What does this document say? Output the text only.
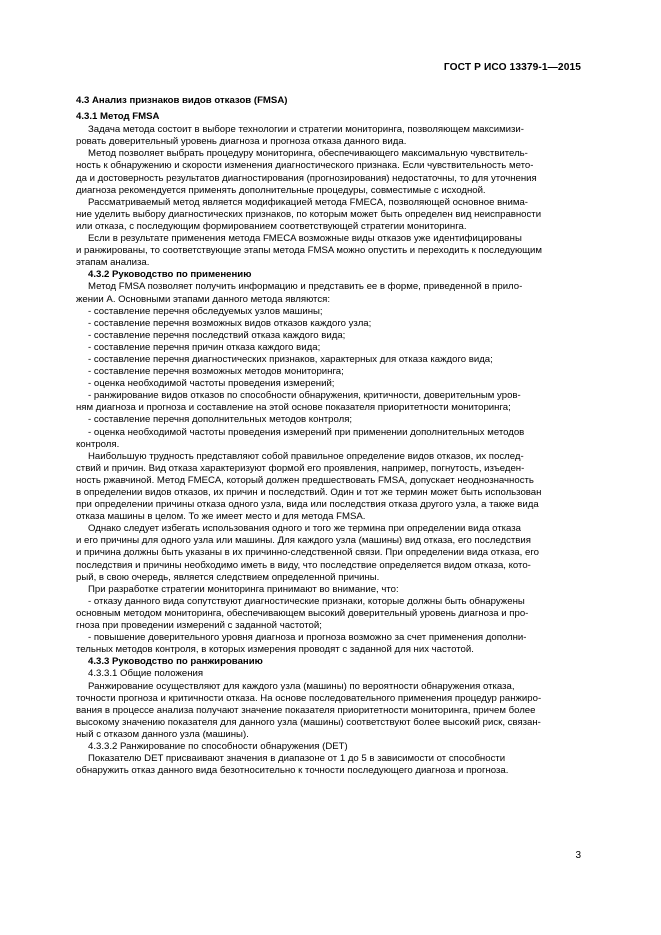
ГОСТ Р ИСО 13379-1—2015
4.3 Анализ признаков видов отказов (FMSA)
4.3.1 Метод FMSA
Задача метода состоит в выборе технологии и стратегии мониторинга, позволяющем максимизи-
ровать доверительный уровень диагноза и прогноза отказа данного вида.
Метод позволяет выбрать процедуру мониторинга, обеспечивающего максимальную чувствитель-
ность к обнаружению и скорости изменения диагностического признака. Если чувствительность мето-
да и достоверность результатов диагностирования (прогнозирования) недостаточны, то для уточнения
диагноза рекомендуется применять дополнительные процедуры, совместимые с исходной.
Рассматриваемый метод является модификацией метода FMECA, позволяющей основное внима-
ние уделить выбору диагностических признаков, по которым может быть определен вид неисправности
или отказа, с последующим формированием соответствующей стратегии мониторинга.
Если в результате применения метода FMECA возможные виды отказов уже идентифицированы
и ранжированы, то соответствующие этапы метода FMSA можно опустить и переходить к последующим
этапам анализа.
4.3.2 Руководство по применению
Метод FMSA позволяет получить информацию и представить ее в форме, приведенной в прило-
жении А. Основными этапами данного метода являются:
- составление перечня обследуемых узлов машины;
- составление перечня возможных видов отказов каждого узла;
- составление перечня последствий отказа каждого вида;
- составление перечня причин отказа каждого вида;
- составление перечня диагностических признаков, характерных для отказа каждого вида;
- составление перечня возможных методов мониторинга;
- оценка необходимой частоты проведения измерений;
- ранжирование видов отказов по способности обнаружения, критичности, доверительным уров-
ням диагноза и прогноза и составление на этой основе показателя приоритетности мониторинга;
- составление перечня дополнительных методов контроля;
- оценка необходимой частоты проведения измерений при применении дополнительных методов
контроля.
Наибольшую трудность представляют собой правильное определение видов отказов, их послед-
ствий и причин. Вид отказа характеризуют формой его проявления, например, погнутость, изъеден-
ность ржавчиной. Метод FMECA, который должен предшествовать FMSA, допускает неоднозначность
в определении видов отказов, их причин и последствий. Один и тот же термин может быть использован
при определении причины отказа одного узла, вида или последствия отказа другого узла, а также вида
отказа машины в целом. То же имеет место и для метода FMSA.
Однако следует избегать использования одного и того же термина при определении вида отказа
и его причины для одного узла или машины. Для каждого узла (машины) вид отказа, его последствия
и причина должны быть указаны в их причинно-следственной связи. При определении вида отказа, его
последствия и причины необходимо иметь в виду, что последствие определяется видом отказа, кото-
рый, в свою очередь, является следствием определенной причины.
При разработке стратегии мониторинга принимают во внимание, что:
- отказу данного вида сопутствуют диагностические признаки, которые должны быть обнаружены
основным методом мониторинга, обеспечивающем высокий доверительный уровень диагноза и про-
гноза при проведении измерений с заданной частотой;
- повышение доверительного уровня диагноза и прогноза возможно за счет применения дополни-
тельных методов контроля, в которых измерения проводят с заданной для них частотой.
4.3.3 Руководство по ранжированию
4.3.3.1 Общие положения
Ранжирование осуществляют для каждого узла (машины) по вероятности обнаружения отказа,
точности прогноза и критичности отказа. На основе последовательного применения процедур ранжиро-
вания в процессе анализа получают значение показателя приоритетности мониторинга, причем более
высокому значению показателя для данного узла (машины) соответствуют более высокий риск, связан-
ный с отказом данного узла (машины).
4.3.3.2 Ранжирование по способности обнаружения (DET)
Показателю DET присваивают значения в диапазоне от 1 до 5 в зависимости от способности
обнаружить отказ данного вида безотносительно к точности последующего диагноза и прогноза.
3
